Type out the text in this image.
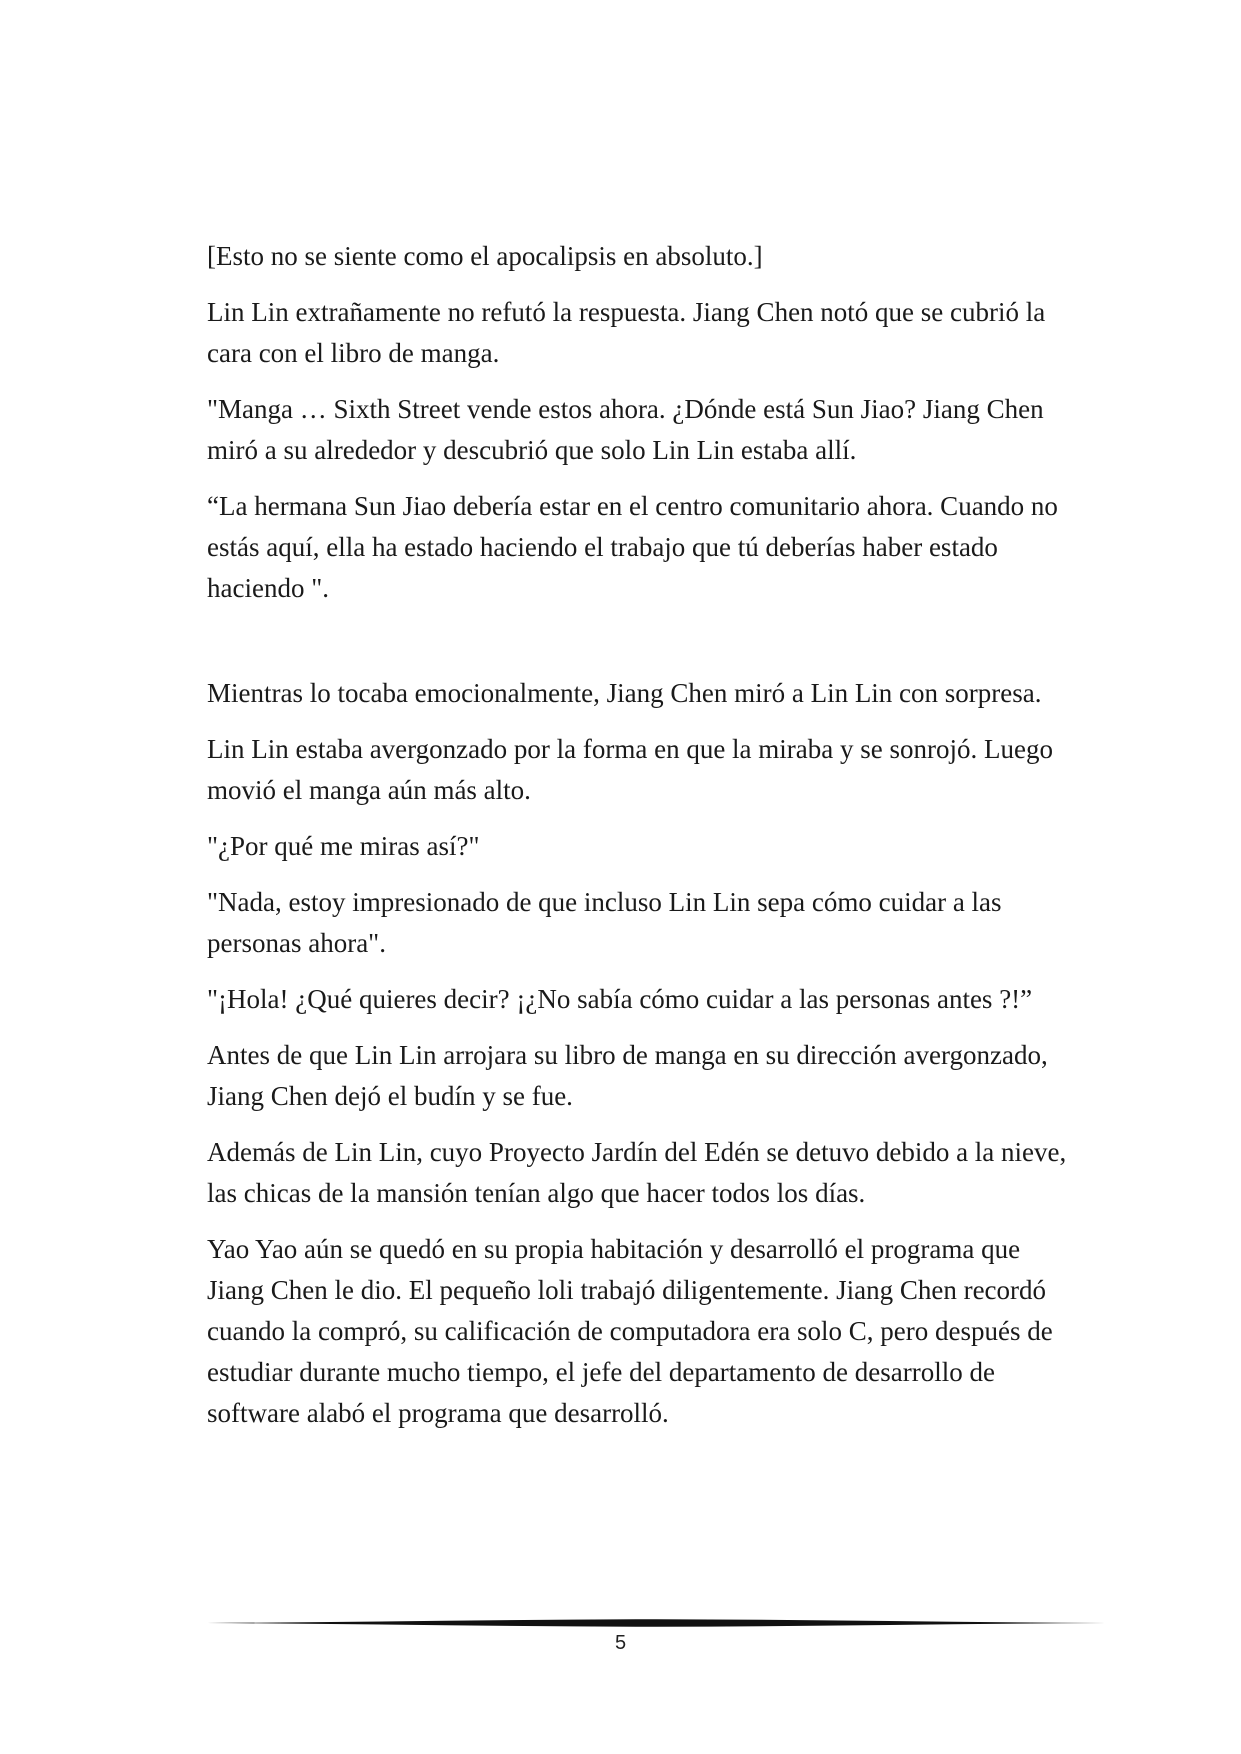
[Esto no se siente como el apocalipsis en absoluto.]

Lin Lin extrañamente no refutó la respuesta. Jiang Chen notó que se cubrió la cara con el libro de manga.

"Manga … Sixth Street vende estos ahora. ¿Dónde está Sun Jiao? Jiang Chen miró a su alrededor y descubrió que solo Lin Lin estaba allí.

“La hermana Sun Jiao debería estar en el centro comunitario ahora. Cuando no estás aquí, ella ha estado haciendo el trabajo que tú deberías haber estado haciendo ".

Mientras lo tocaba emocionalmente, Jiang Chen miró a Lin Lin con sorpresa.

Lin Lin estaba avergonzado por la forma en que la miraba y se sonrojó. Luego movió el manga aún más alto.

"¿Por qué me miras así?"

"Nada, estoy impresionado de que incluso Lin Lin sepa cómo cuidar a las personas ahora".

"¡Hola! ¿Qué quieres decir? ¡¿No sabía cómo cuidar a las personas antes ?!”

Antes de que Lin Lin arrojara su libro de manga en su dirección avergonzado, Jiang Chen dejó el budín y se fue.

Además de Lin Lin, cuyo Proyecto Jardín del Edén se detuvo debido a la nieve, las chicas de la mansión tenían algo que hacer todos los días.

Yao Yao aún se quedó en su propia habitación y desarrolló el programa que Jiang Chen le dio. El pequeño loli trabajó diligentemente. Jiang Chen recordó cuando la compró, su calificación de computadora era solo C, pero después de estudiar durante mucho tiempo, el jefe del departamento de desarrollo de software alabó el programa que desarrolló.

5
